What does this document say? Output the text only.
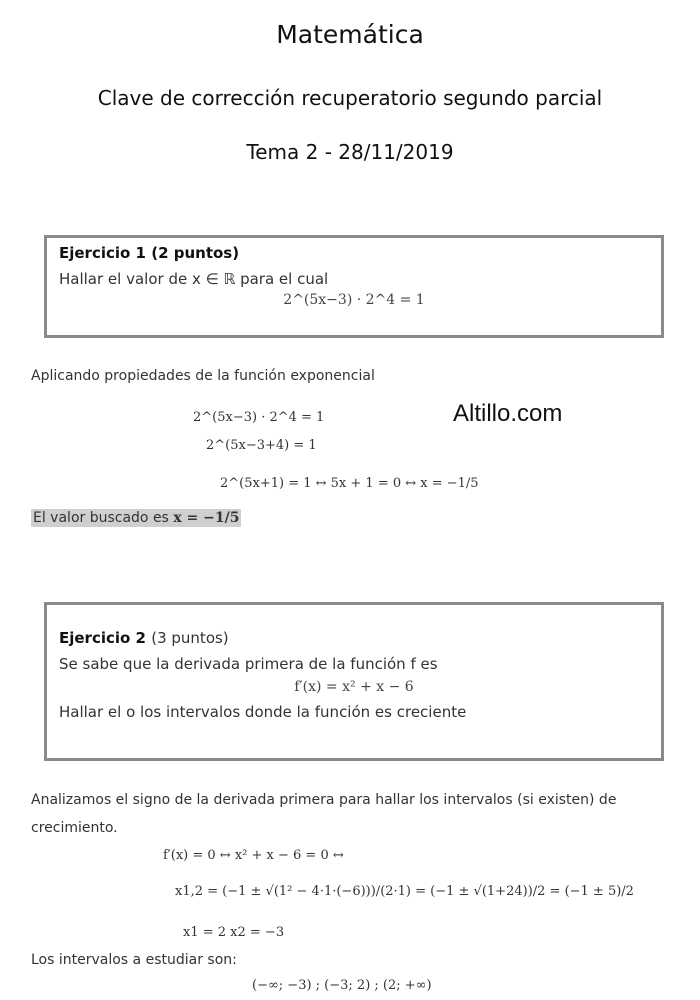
Matemática
Clave de corrección recuperatorio segundo parcial
Tema 2 - 28/11/2019
Ejercicio 1 (2 puntos)
Hallar el valor de x ∈ ℝ para el cual
2^(5x−3) · 2^4 = 1
Aplicando propiedades de la función exponencial
2^(5x−3) · 2^4 = 1
2^(5x−3+4) = 1
2^(5x+1) = 1 ↔ 5x + 1 = 0 ↔ x = −1/5
Altillo.com
El valor buscado es x = −1/5
Ejercicio 2 (3 puntos)
Se sabe que la derivada primera de la función f es
f′(x) = x² + x − 6
Hallar el o los intervalos donde la función es creciente
Analizamos el signo de la derivada primera para hallar los intervalos (si existen) de
crecimiento.
f′(x) = 0 ↔ x² + x − 6 = 0 ↔
x1,2 = (−1 ± √(1² − 4·1·(−6)))/(2·1) = (−1 ± √(1+24))/2 = (−1 ± 5)/2
x1 = 2 x2 = −3
Los intervalos a estudiar son:
(−∞; −3) ; (−3; 2) ; (2; +∞)
